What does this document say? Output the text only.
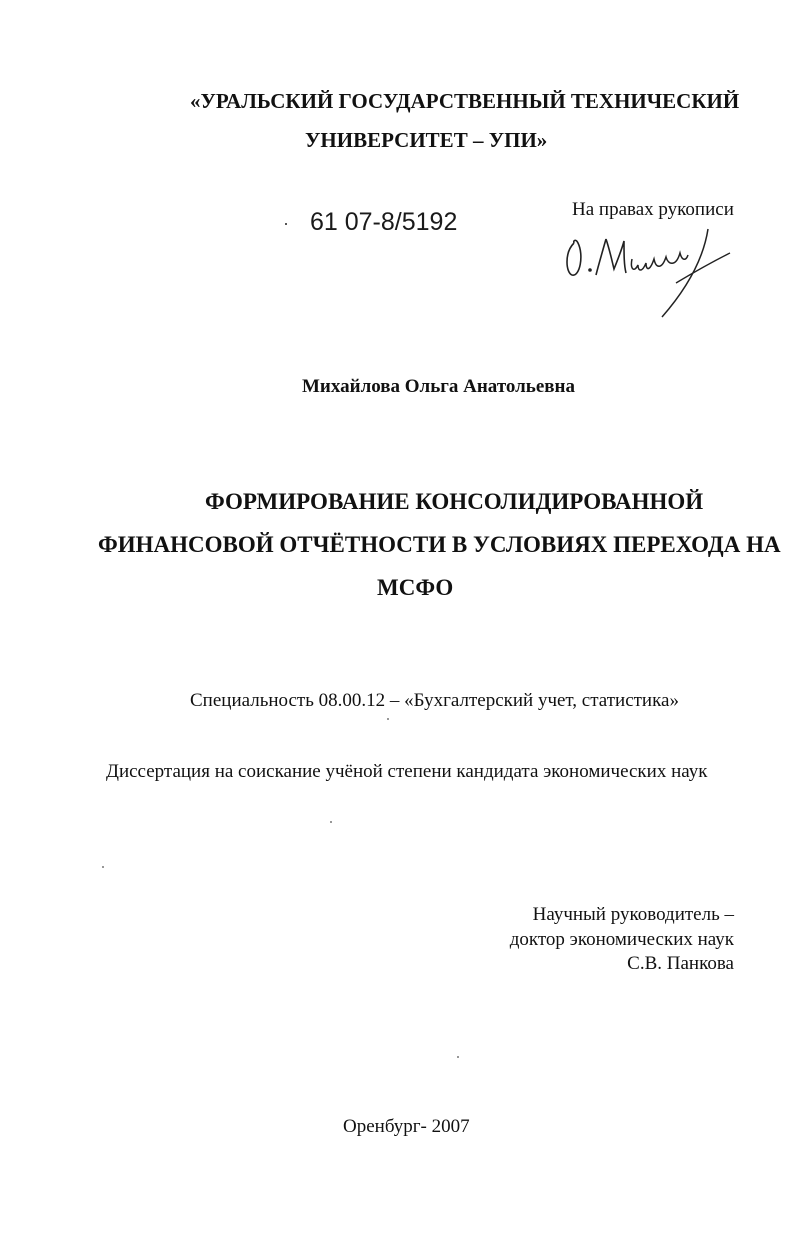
«УРАЛЬСКИЙ ГОСУДАРСТВЕННЫЙ ТЕХНИЧЕСКИЙ
УНИВЕРСИТЕТ – УПИ»
61 07-8/5192	На правах рукописи
Михайлова Ольга Анатольевна
ФОРМИРОВАНИЕ КОНСОЛИДИРОВАННОЙ
ФИНАНСОВОЙ ОТЧЁТНОСТИ В УСЛОВИЯХ ПЕРЕХОДА НА
МСФО
Специальность 08.00.12 – «Бухгалтерский учет, статистика»
Диссертация на соискание учёной степени кандидата экономических наук
Научный руководитель –
доктор экономических наук
С.В. Панкова
Оренбург- 2007
